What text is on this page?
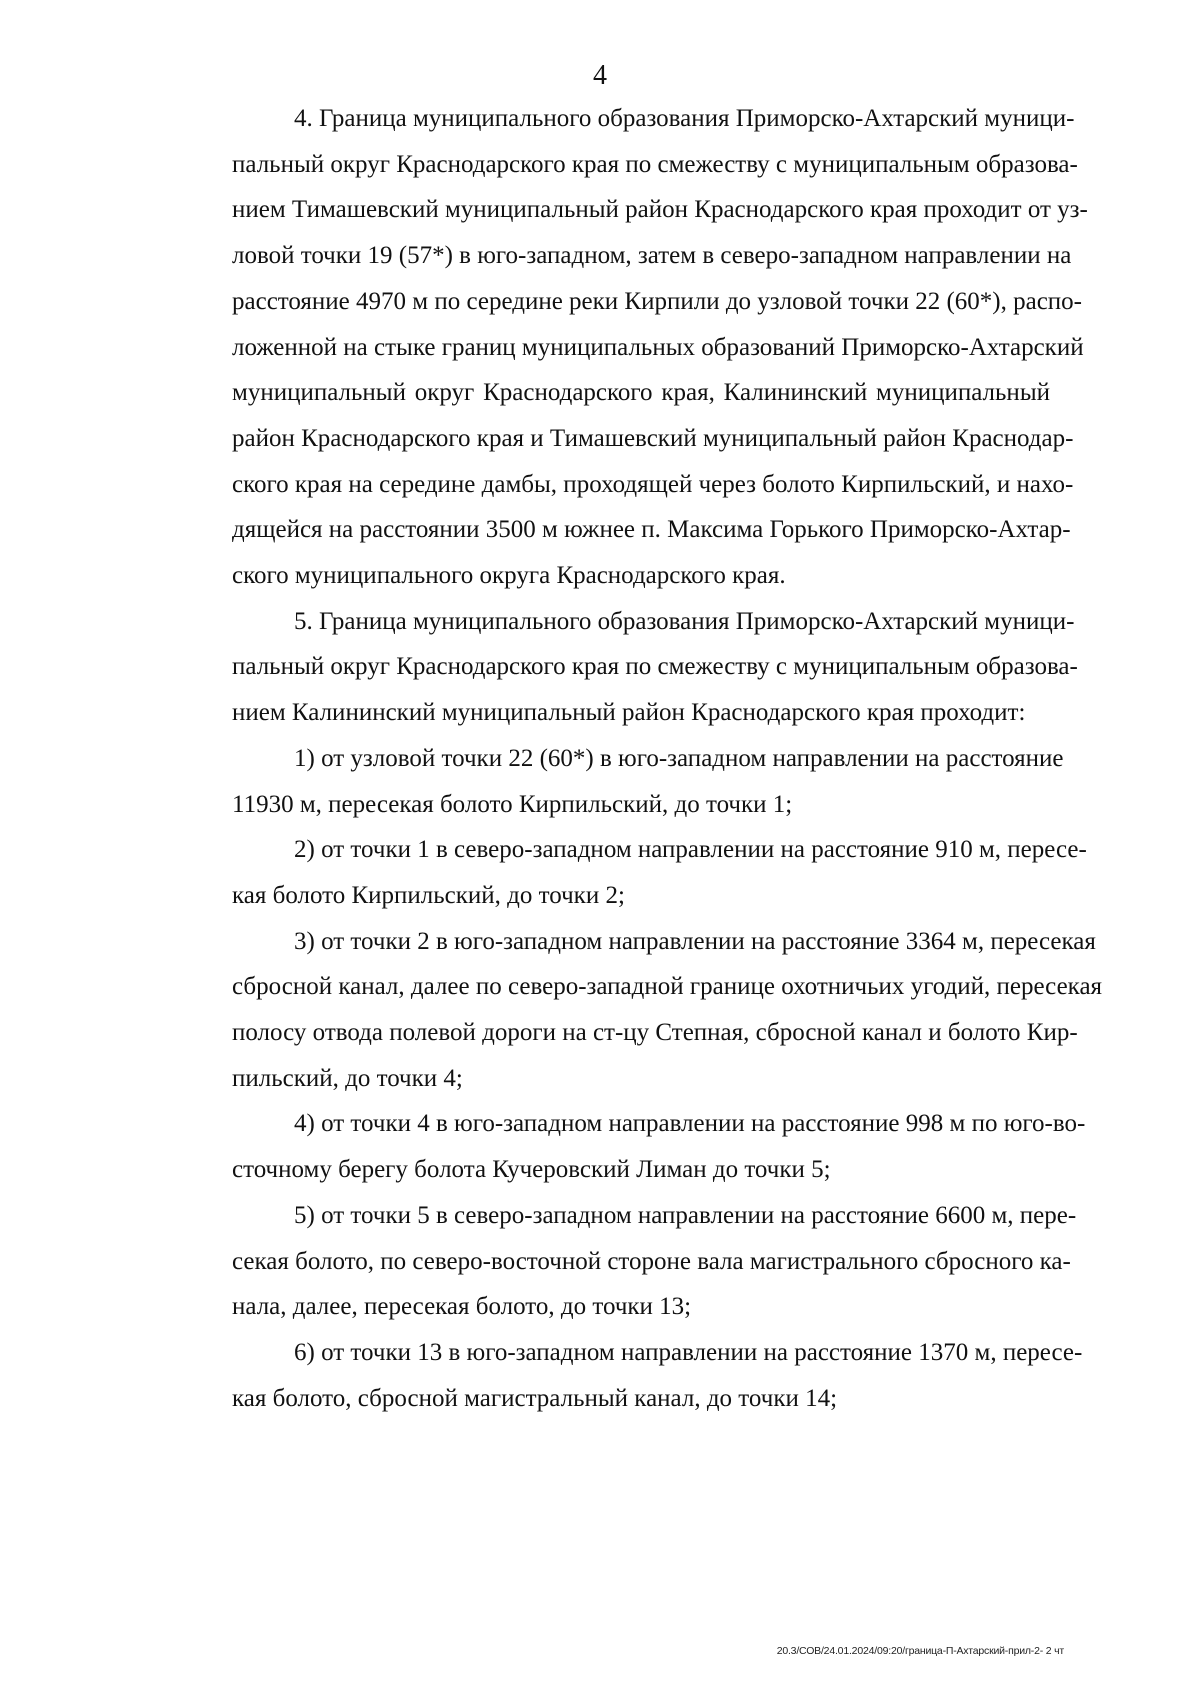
4
4. Граница муниципального образования Приморско-Ахтарский муници-
пальный округ Краснодарского края по смежеству с муниципальным образова-
нием Тимашевский муниципальный район Краснодарского края проходит от уз-
ловой точки 19 (57*) в юго-западном, затем в северо-западном направлении на
расстояние 4970 м по середине реки Кирпили до узловой точки 22 (60*), распо-
ложенной на стыке границ муниципальных образований Приморско-Ахтарский
муниципальный округ Краснодарского края, Калининский муниципальный
район Краснодарского края и Тимашевский муниципальный район Краснодар-
ского края на середине дамбы, проходящей через болото Кирпильский, и нахо-
дящейся на расстоянии 3500 м южнее п. Максима Горького Приморско-Ахтар-
ского муниципального округа Краснодарского края.
5. Граница муниципального образования Приморско-Ахтарский муници-
пальный округ Краснодарского края по смежеству с муниципальным образова-
нием Калининский муниципальный район Краснодарского края проходит:
1) от узловой точки 22 (60*) в юго-западном направлении на расстояние
11930 м, пересекая болото Кирпильский, до точки 1;
2) от точки 1 в северо-западном направлении на расстояние 910 м, пересе-
кая болото Кирпильский, до точки 2;
3) от точки 2 в юго-западном направлении на расстояние 3364 м, пересекая
сбросной канал, далее по северо-западной границе охотничьих угодий, пересекая
полосу отвода полевой дороги на ст-цу Степная, сбросной канал и болото Кир-
пильский, до точки 4;
4) от точки 4 в юго-западном направлении на расстояние 998 м по юго-во-
сточному берегу болота Кучеровский Лиман до точки 5;
5) от точки 5 в северо-западном направлении на расстояние 6600 м, пере-
секая болото, по северо-восточной стороне вала магистрального сбросного ка-
нала, далее, пересекая болото, до точки 13;
6) от точки 13 в юго-западном направлении на расстояние 1370 м, пересе-
кая болото, сбросной магистральный канал, до точки 14;
20.3/СОВ/24.01.2024/09:20/граница-П-Ахтарский-прил-2- 2 чт
